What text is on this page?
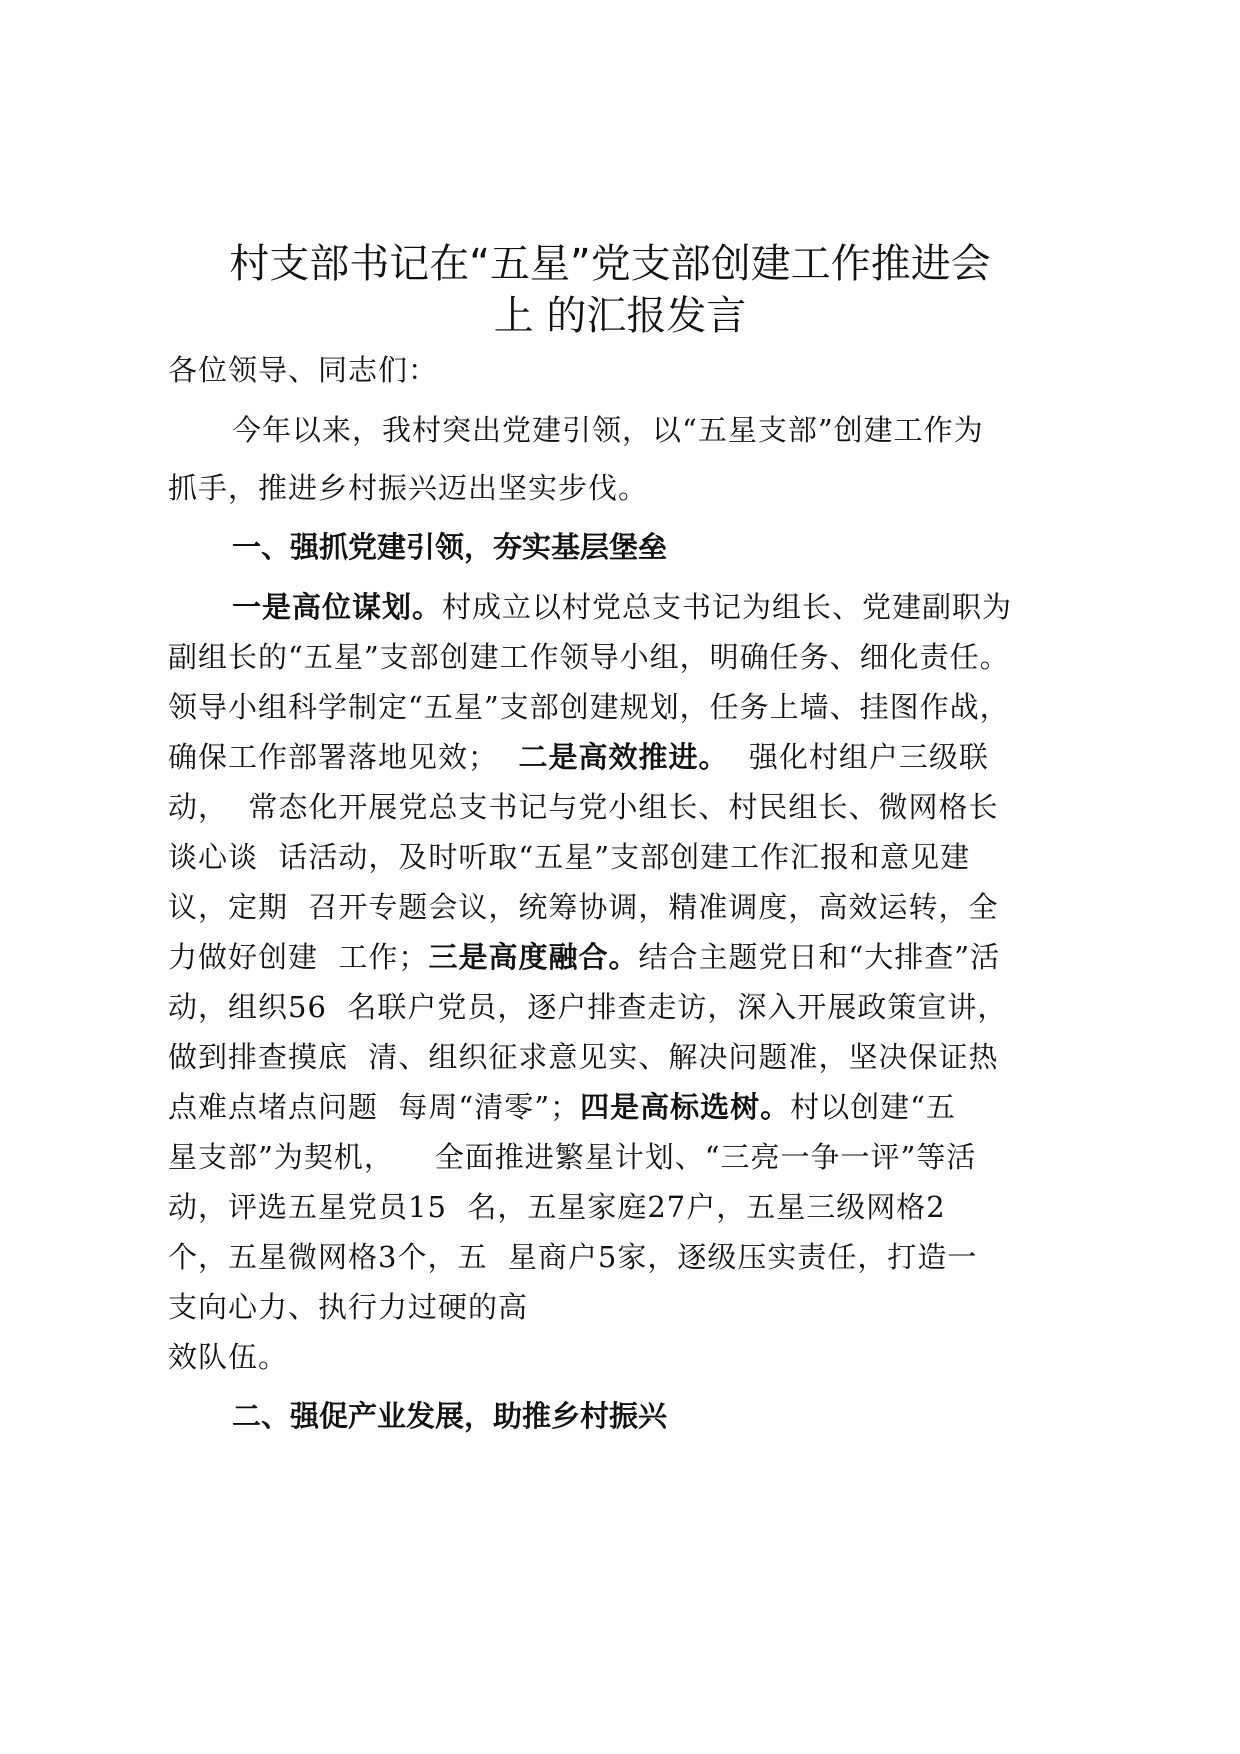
村支部书记在“五星”党支部创建工作推进会
上 的汇报发言
各位领导、同志们：
今年以来，我村突出党建引领，以“五星支部”创建工作为
抓手，推进乡村振兴迈出坚实步伐。
一、强抓党建引领，夯实基层堡垒
一是高位谋划。村成立以村党总支书记为组长、党建副职为
副组长的“五星”支部创建工作领导小组，明确任务、细化责任。
领导小组科学制定“五星”支部创建规划，任务上墙、挂图作战，
确保工作部署落地见效；  二是高效推进。  强化村组户三级联
动，  常态化开展党总支书记与党小组长、村民组长、微网格长
谈心谈  话活动，及时听取“五星”支部创建工作汇报和意见建
议，定期  召开专题会议，统筹协调，精准调度，高效运转，全
力做好创建  工作；三是高度融合。结合主题党日和“大排查”活
动，组织56  名联户党员，逐户排查走访，深入开展政策宣讲，
做到排查摸底  清、组织征求意见实、解决问题准，坚决保证热
点难点堵点问题  每周“清零”；四是高标选树。村以创建“五
星支部”为契机，    全面推进繁星计划、“三亮一争一评”等活
动，评选五星党员15  名，五星家庭27户，五星三级网格2
个，五星微网格3个，五  星商户5家，逐级压实责任，打造一
支向心力、执行力过硬的高
效队伍。
二、强促产业发展，助推乡村振兴
